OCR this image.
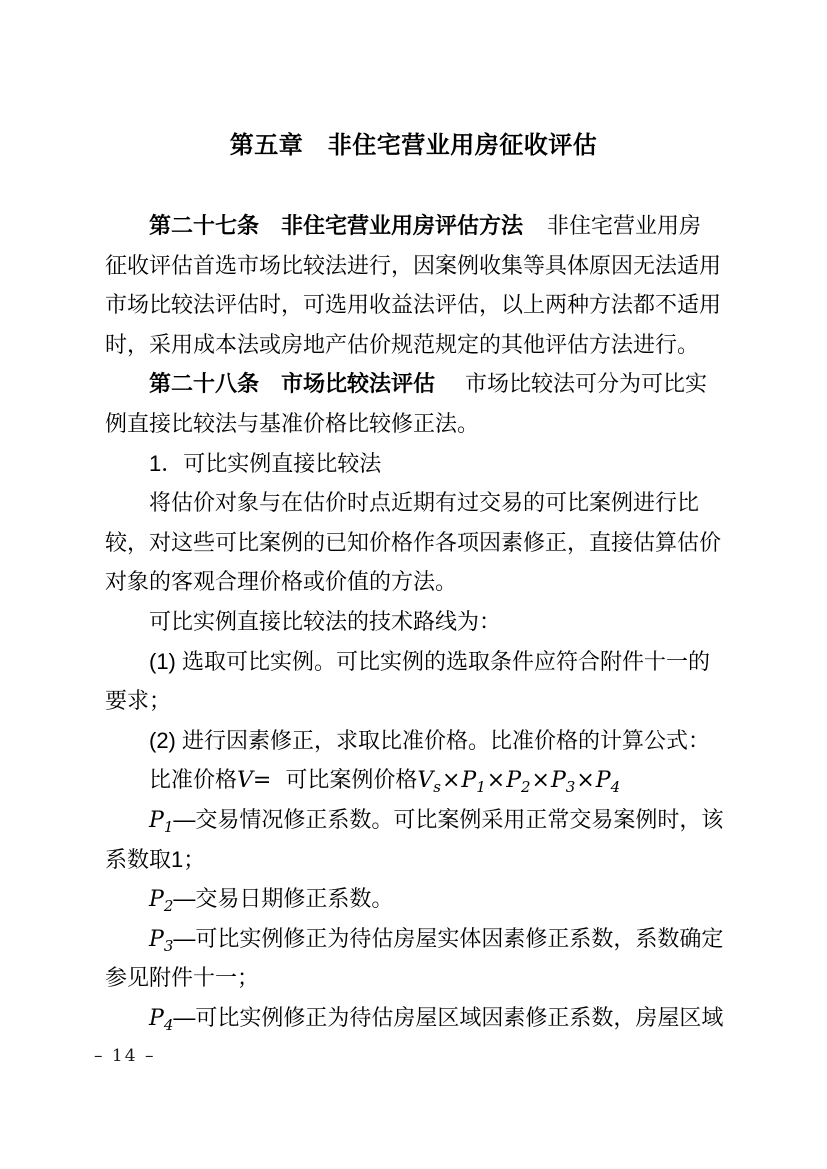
第五章　非住宅营业用房征收评估
第二十七条　非住宅营业用房评估方法 非住宅营业用房
征收评估首选市场比较法进行，因案例收集等具体原因无法适用
市场比较法评估时，可选用收益法评估，以上两种方法都不适用
时，采用成本法或房地产估价规范规定的其他评估方法进行。
第二十八条　市场比较法评估 市场比较法可分为可比实
例直接比较法与基准价格比较修正法。
1．可比实例直接比较法
将估价对象与在估价时点近期有过交易的可比案例进行比
较，对这些可比案例的已知价格作各项因素修正，直接估算估价
对象的客观合理价格或价值的方法。
可比实例直接比较法的技术路线为：
(1) 选取可比实例。可比实例的选取条件应符合附件十一的
要求；
(2) 进行因素修正，求取比准价格。比准价格的计算公式：
比准价格V= 可比案例价格$V_s\times P_1\times P_2\times P_3\times P_4$
$P_1—$交易情况修正系数。可比案例采用正常交易案例时，该
系数取1；
$P_2—$交易日期修正系数。
$P_3—$可比实例修正为待估房屋实体因素修正系数，系数确定
参见附件十一；
$P_4—$可比实例修正为待估房屋区域因素修正系数，房屋区域
– 14 –
